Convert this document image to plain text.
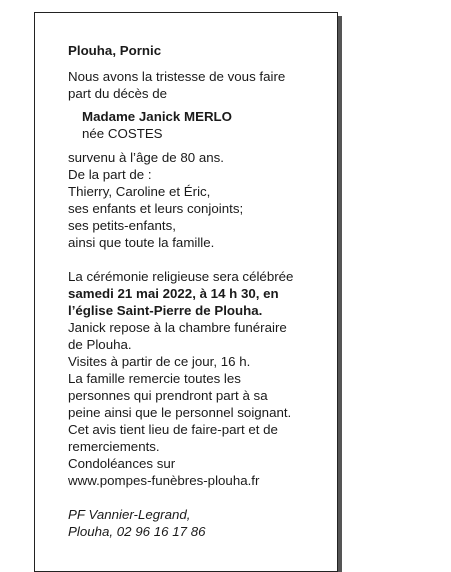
Plouha, Pornic
Nous avons la tristesse de vous faire
part du décès de
Madame Janick MERLO
née COSTES
survenu à l’âge de 80 ans.
De la part de :
Thierry, Caroline et Éric,
ses enfants et leurs conjoints;
ses petits-enfants,
ainsi que toute la famille.
La cérémonie religieuse sera célébrée
samedi 21 mai 2022, à 14 h 30, en
l’église Saint-Pierre de Plouha.
Janick repose à la chambre funéraire
de Plouha.
Visites à partir de ce jour, 16 h.
La famille remercie toutes les
personnes qui prendront part à sa
peine ainsi que le personnel soignant.
Cet avis tient lieu de faire-part et de
remerciements.
Condoléances sur
www.pompes-funèbres-plouha.fr
PF Vannier-Legrand,
Plouha, 02 96 16 17 86
